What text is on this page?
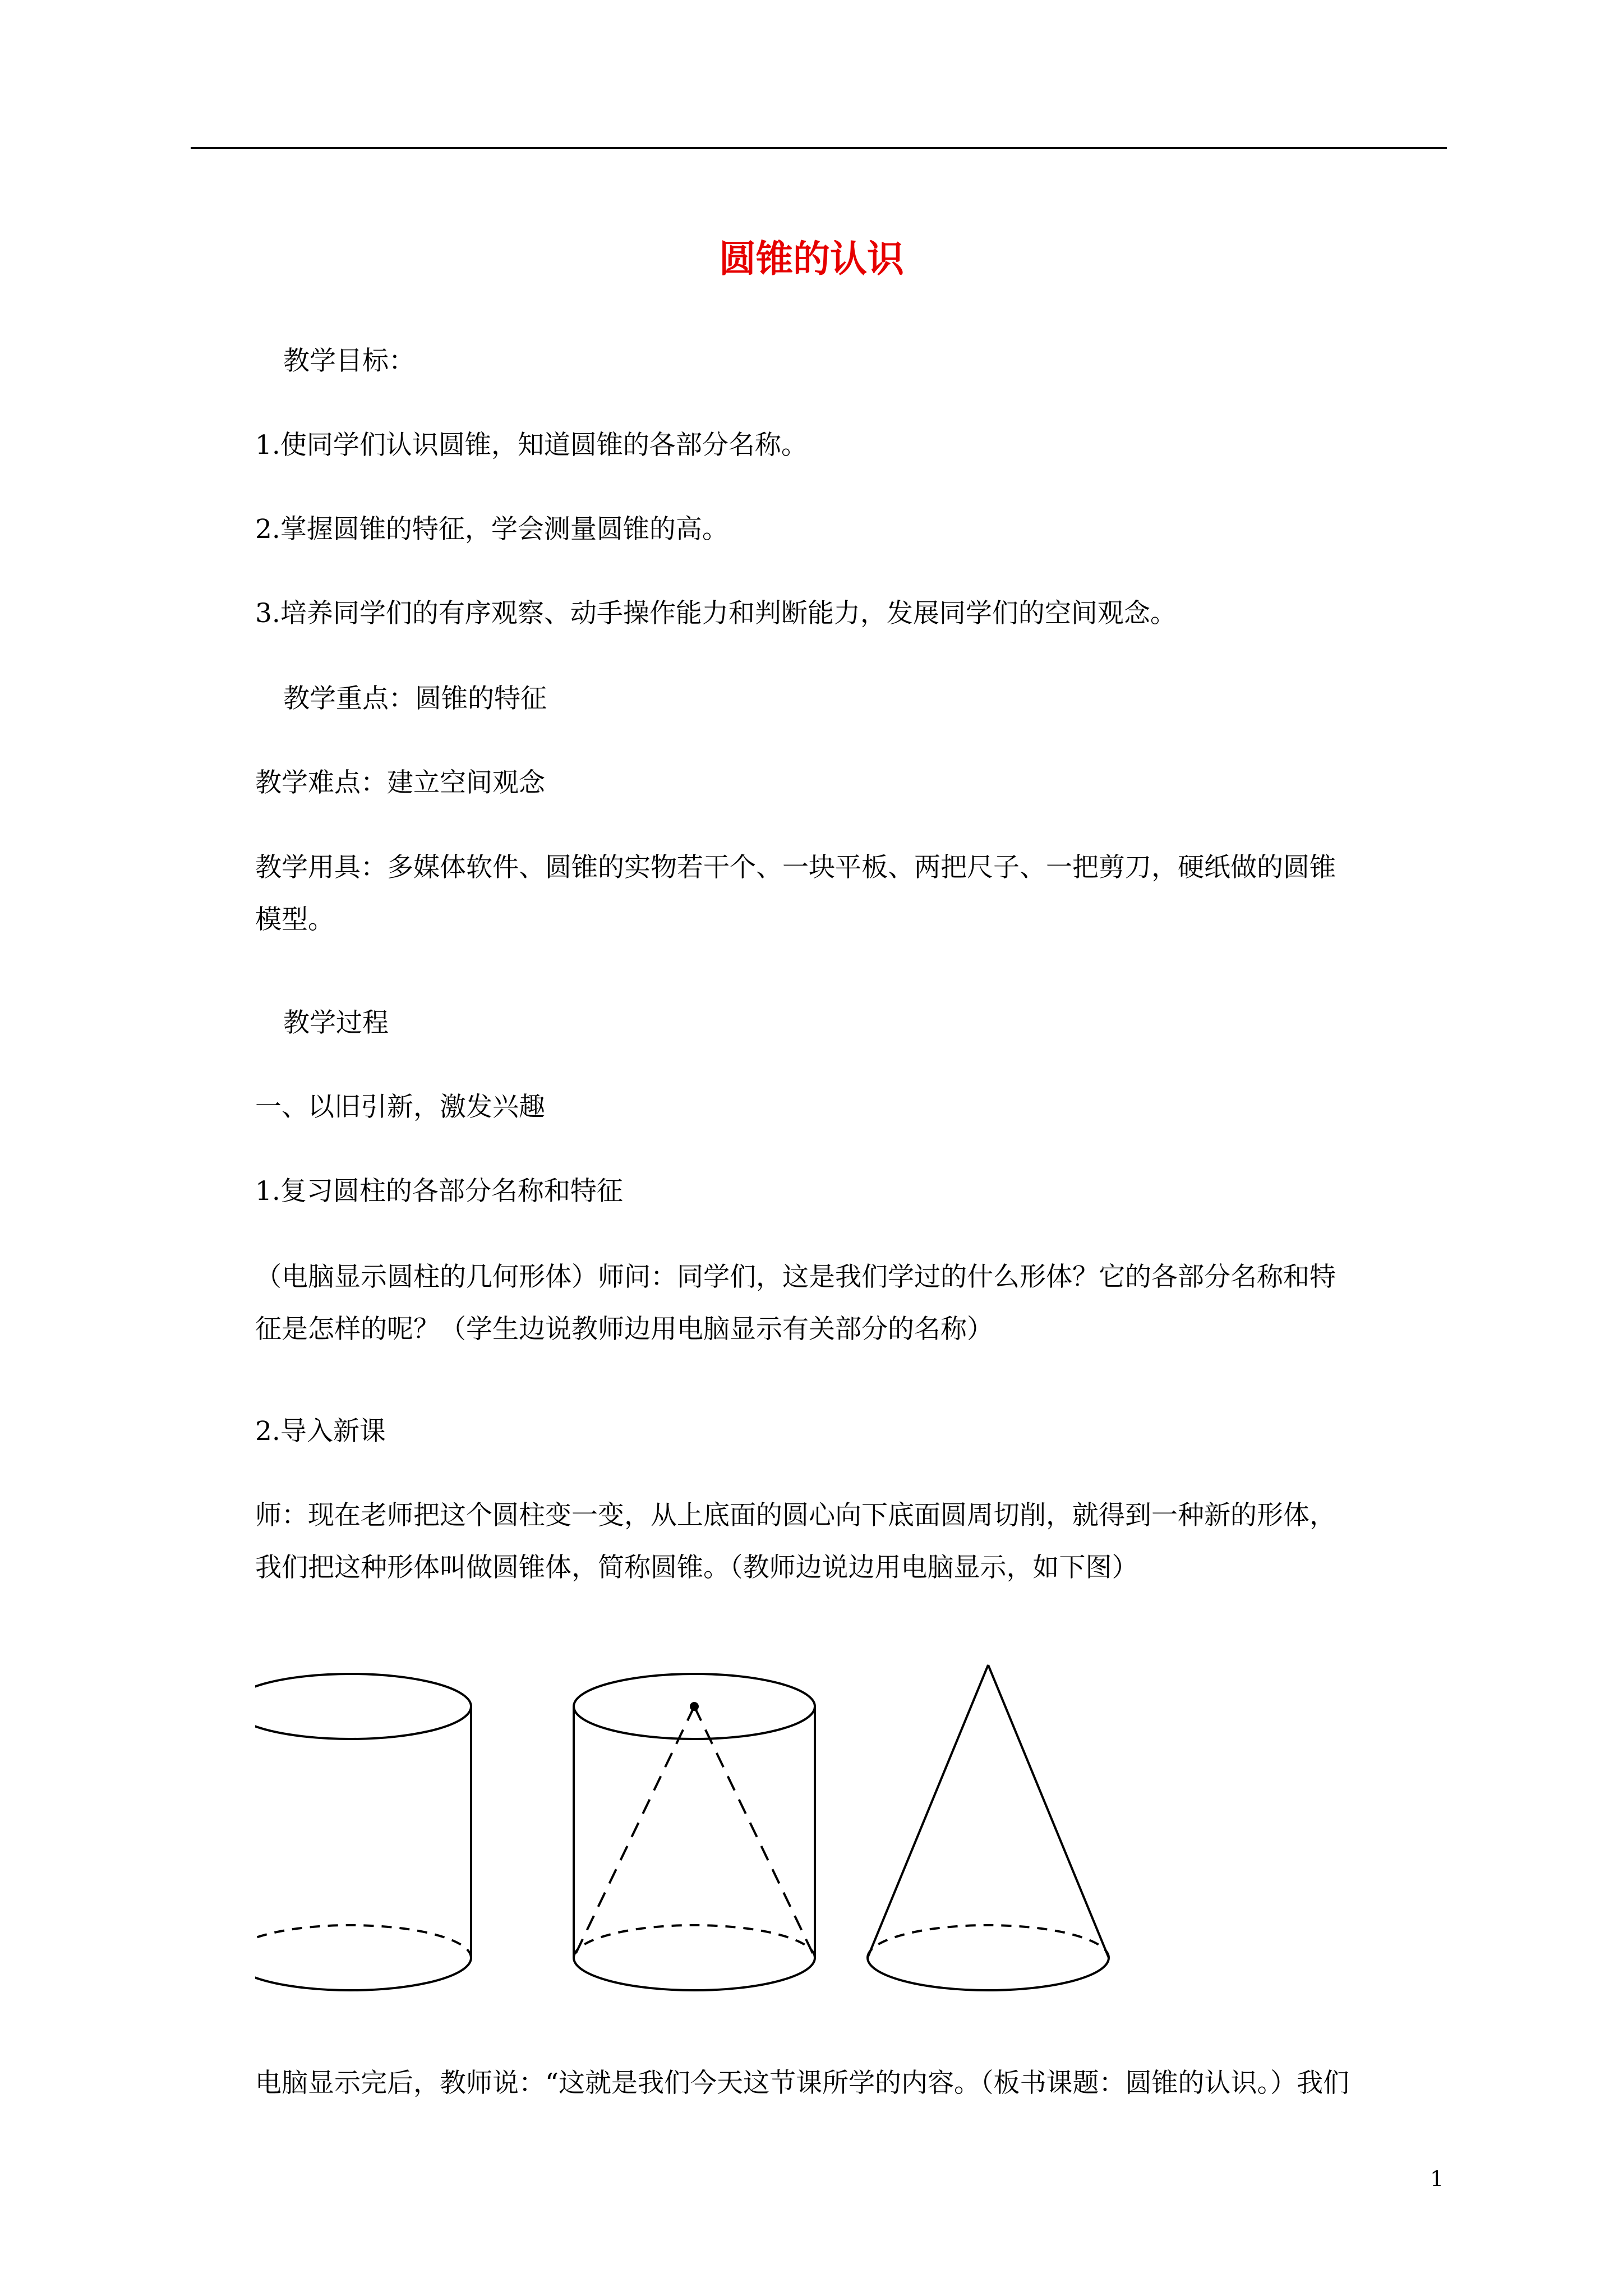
圆锥的认识
教学目标：
1.使同学们认识圆锥，知道圆锥的各部分名称。
2.掌握圆锥的特征，学会测量圆锥的高。
3.培养同学们的有序观察、动手操作能力和判断能力，发展同学们的空间观念。
教学重点：圆锥的特征
教学难点：建立空间观念
教学用具：多媒体软件、圆锥的实物若干个、一块平板、两把尺子、一把剪刀，硬纸做的圆锥
模型。
教学过程
一、以旧引新，激发兴趣
1.复习圆柱的各部分名称和特征
（电脑显示圆柱的几何形体）师问：同学们，这是我们学过的什么形体？它的各部分名称和特
征是怎样的呢？（学生边说教师边用电脑显示有关部分的名称）
2.导入新课
师：现在老师把这个圆柱变一变，从上底面的圆心向下底面圆周切削，就得到一种新的形体，
我们把这种形体叫做圆锥体，简称圆锥。（教师边说边用电脑显示，如下图）
电脑显示完后，教师说：“这就是我们今天这节课所学的内容。（板书课题：圆锥的认识。）我们
1
